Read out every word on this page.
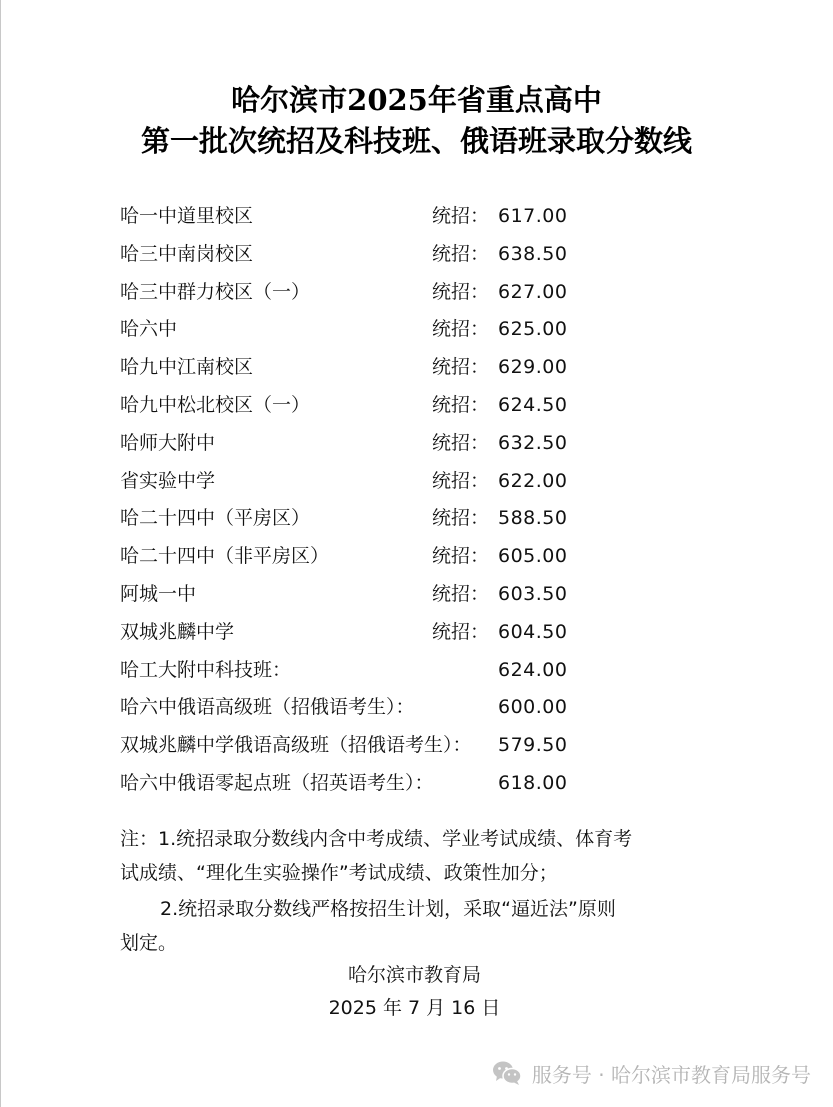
哈尔滨市2025年省重点高中
第一批次统招及科技班、俄语班录取分数线
哈一中道里校区	统招： 617.00
哈三中南岗校区	统招： 638.50
哈三中群力校区（一）	统招： 627.00
哈六中	统招： 625.00
哈九中江南校区	统招： 629.00
哈九中松北校区（一）	统招： 624.50
哈师大附中	统招： 632.50
省实验中学	统招： 622.00
哈二十四中（平房区）	统招： 588.50
哈二十四中（非平房区）	统招： 605.00
阿城一中	统招： 603.50
双城兆麟中学	统招： 604.50
哈工大附中科技班：	624.00
哈六中俄语高级班（招俄语考生）：	600.00
双城兆麟中学俄语高级班（招俄语考生）： 579.50
哈六中俄语零起点班（招英语考生）：	618.00
注：1.统招录取分数线内含中考成绩、学业考试成绩、体育考
试成绩、“理化生实验操作”考试成绩、政策性加分；
2.统招录取分数线严格按招生计划，采取“逼近法”原则
划定。
哈尔滨市教育局
2025 年 7 月 16 日
服务号 · 哈尔滨市教育局服务号
